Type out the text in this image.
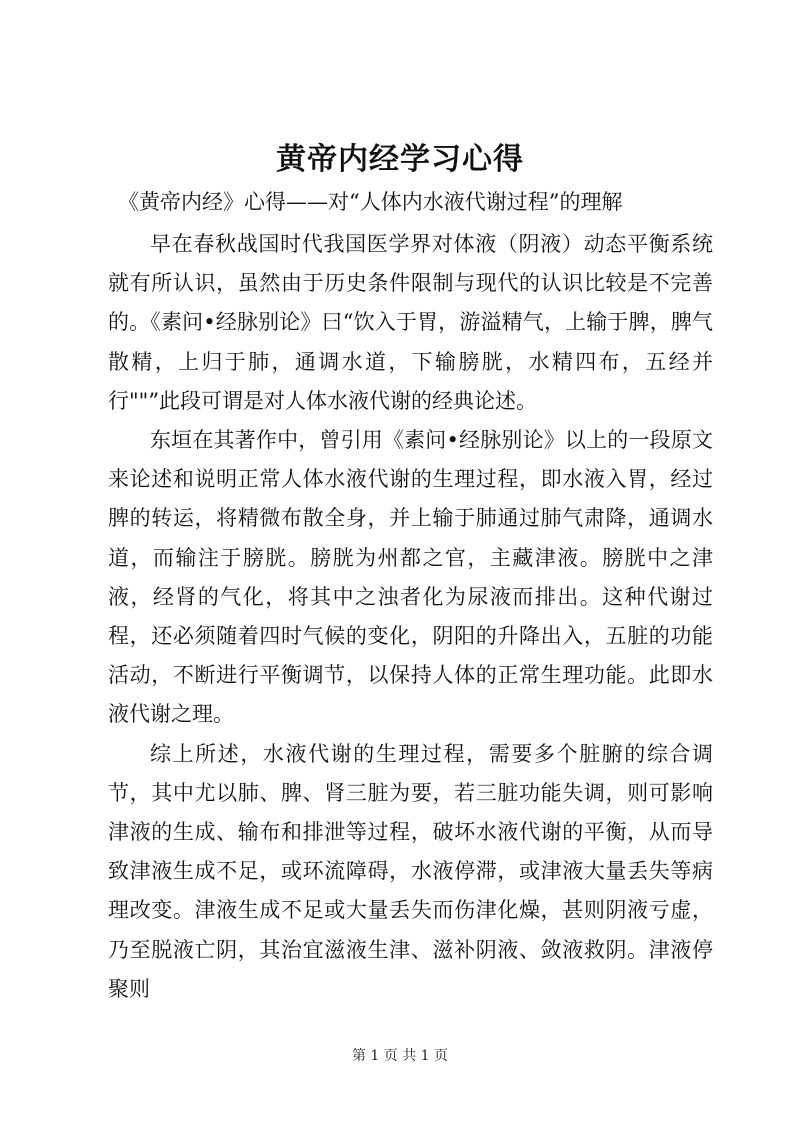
黄帝内经学习心得
《黄帝内经》心得——对“人体内水液代谢过程”的理解

早在春秋战国时代我国医学界对体液（阴液）动态平衡系统就有所认识，虽然由于历史条件限制与现代的认识比较是不完善的。《素问•经脉别论》曰“饮入于胃，游溢精气，上输于脾，脾气散精，上归于肺，通调水道，下输膀胱，水精四布，五经并行""”此段可谓是对人体水液代谢的经典论述。

东垣在其著作中，曾引用《素问•经脉别论》以上的一段原文来论述和说明正常人体水液代谢的生理过程，即水液入胃，经过脾的转运，将精微布散全身，并上输于肺通过肺气肃降，通调水道，而输注于膀胱。膀胱为州都之官，主藏津液。膀胱中之津液，经肾的气化，将其中之浊者化为尿液而排出。这种代谢过程，还必须随着四时气候的变化，阴阳的升降出入，五脏的功能活动，不断进行平衡调节，以保持人体的正常生理功能。此即水液代谢之理。

综上所述，水液代谢的生理过程，需要多个脏腑的综合调节，其中尤以肺、脾、肾三脏为要，若三脏功能失调，则可影响津液的生成、输布和排泄等过程，破坏水液代谢的平衡，从而导致津液生成不足，或环流障碍，水液停滞，或津液大量丢失等病理改变。津液生成不足或大量丢失而伤津化燥，甚则阴液亏虚，乃至脱液亡阴，其治宜滋液生津、滋补阴液、敛液救阴。津液停聚则

第 1 页 共 1 页
